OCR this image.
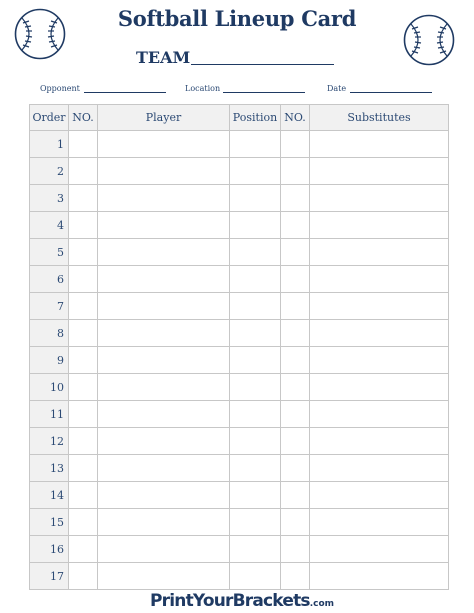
Softball Lineup Card
TEAM
Opponent	Location	Date
Order	NO.	Player	Position	NO.	Substitutes
1					
2					
3					
4					
5					
6					
7					
8					
9					
10					
11					
12					
13					
14					
15					
16					
17					
PrintYourBrackets.com
